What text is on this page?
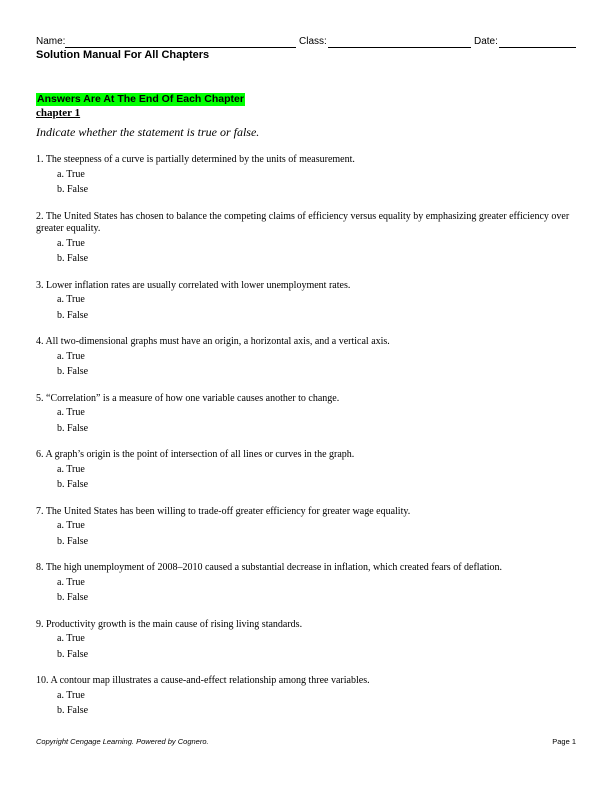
Name:	Class:	Date:
Solution Manual For All Chapters
Answers Are At The End Of Each Chapter
chapter 1
Indicate whether the statement is true or false.
1. The steepness of a curve is partially determined by the units of measurement.
a. True
b. False
2. The United States has chosen to balance the competing claims of efficiency versus equality by emphasizing greater efficiency over greater equality.
a. True
b. False
3. Lower inflation rates are usually correlated with lower unemployment rates.
a. True
b. False
4. All two-dimensional graphs must have an origin, a horizontal axis, and a vertical axis.
a. True
b. False
5. “Correlation” is a measure of how one variable causes another to change.
a. True
b. False
6. A graph’s origin is the point of intersection of all lines or curves in the graph.
a. True
b. False
7. The United States has been willing to trade-off greater efficiency for greater wage equality.
a. True
b. False
8. The high unemployment of 2008–2010 caused a substantial decrease in inflation, which created fears of deflation.
a. True
b. False
9. Productivity growth is the main cause of rising living standards.
a. True
b. False
10. A contour map illustrates a cause-and-effect relationship among three variables.
a. True
b. False
Copyright Cengage Learning. Powered by Cognero.	Page 1
